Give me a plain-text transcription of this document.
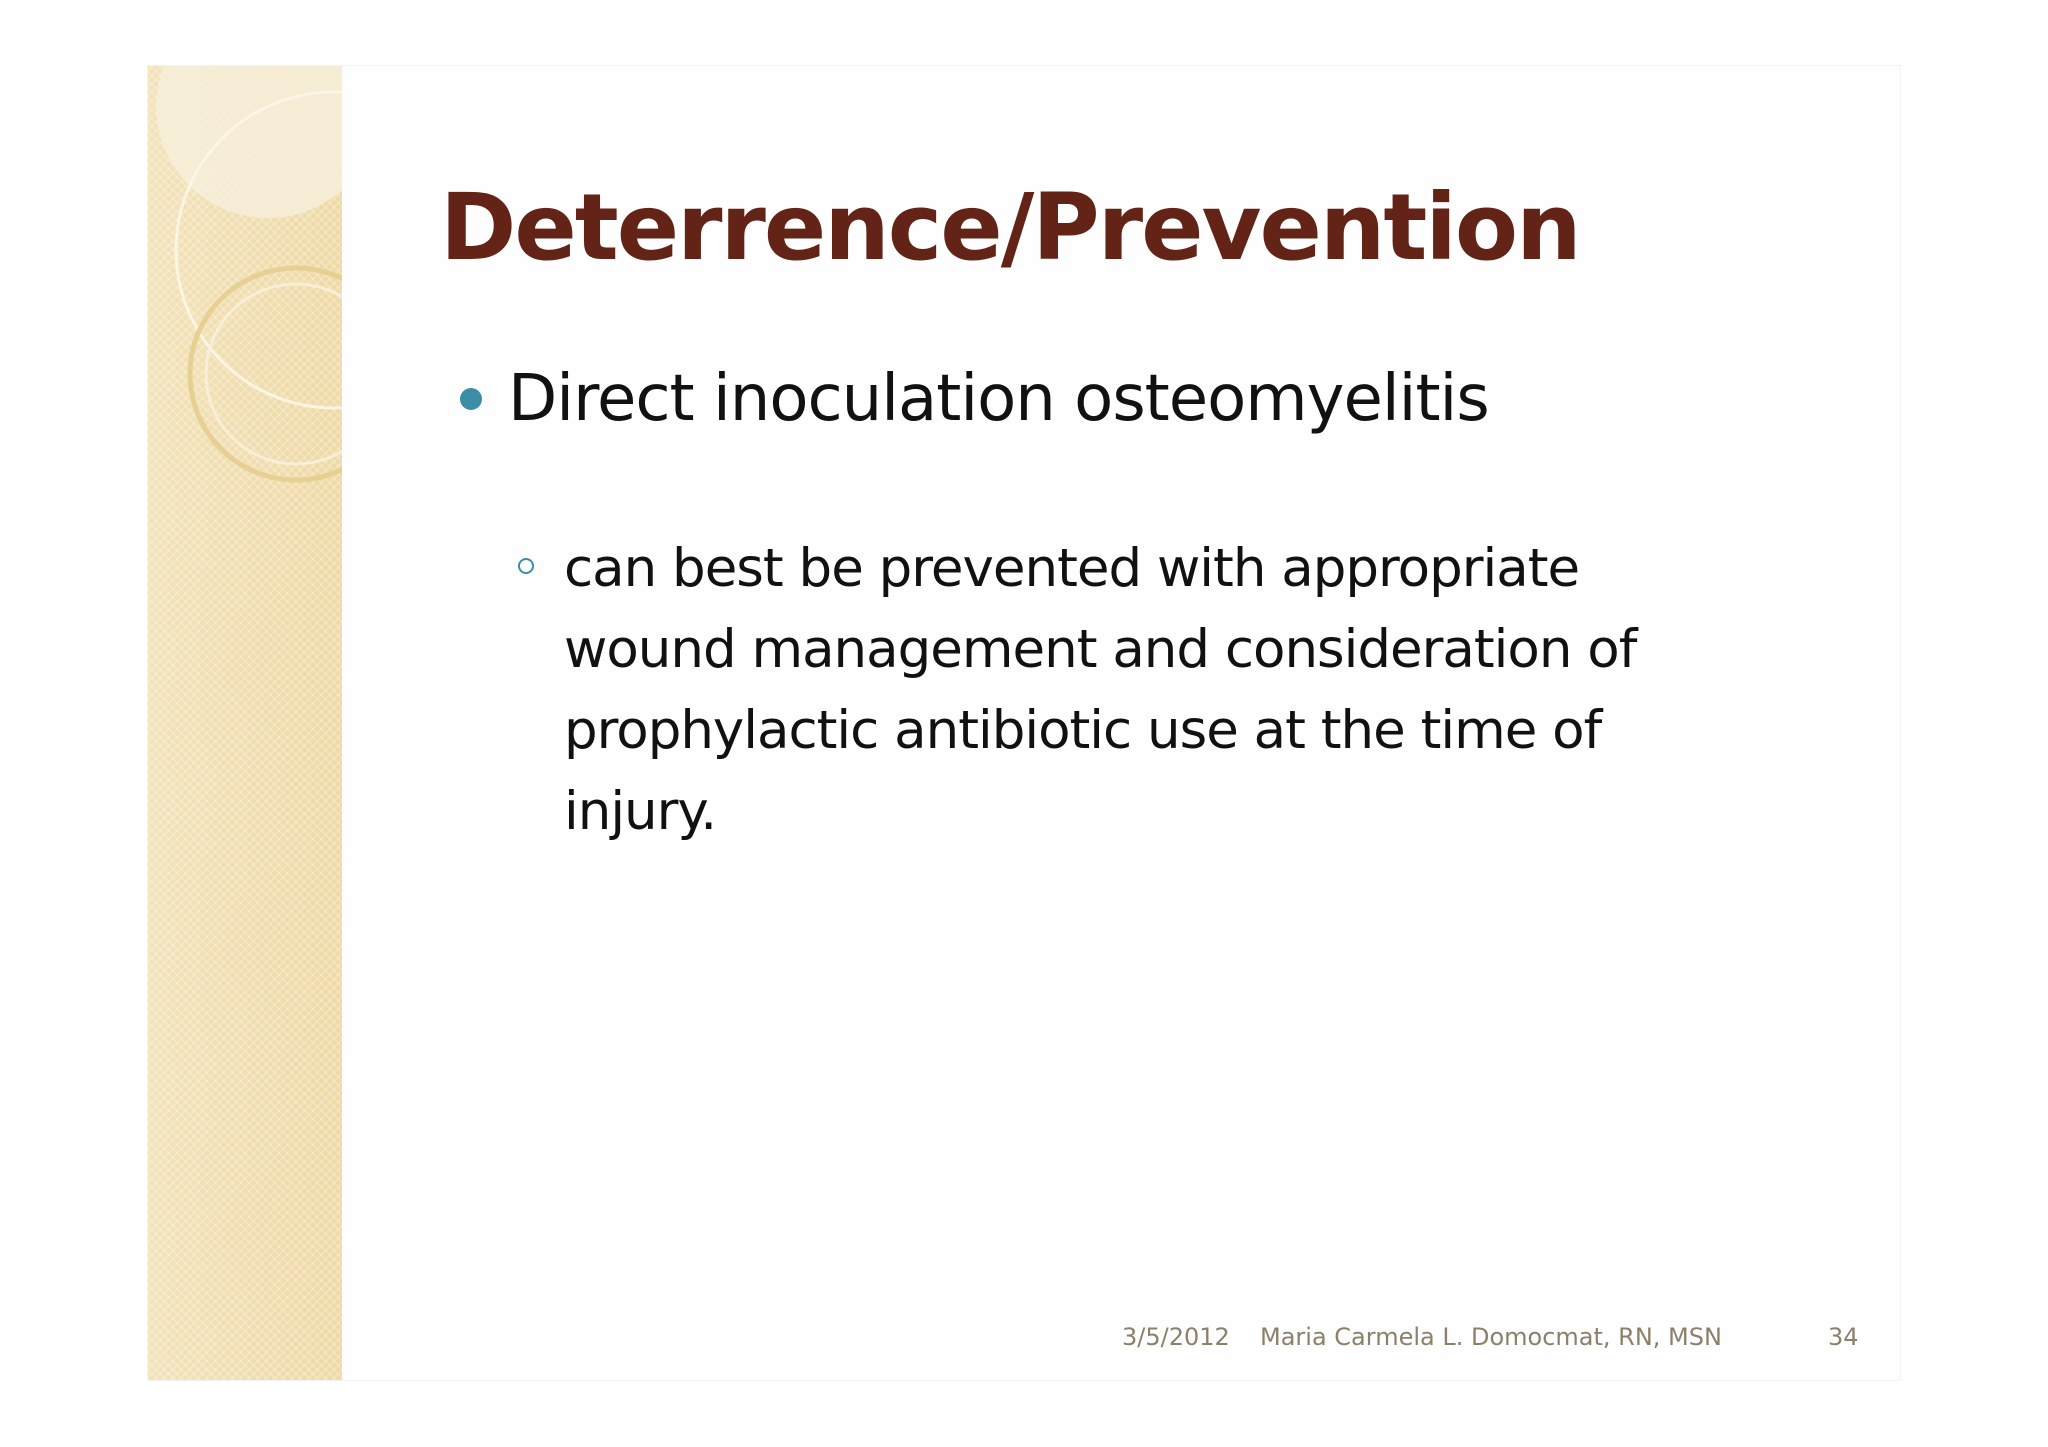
Deterrence/Prevention
Direct inoculation osteomyelitis

can best be prevented with appropriate wound management and consideration of prophylactic antibiotic use at the time of injury.

3/5/2012 Maria Carmela L. Domocmat, RN, MSN	34
